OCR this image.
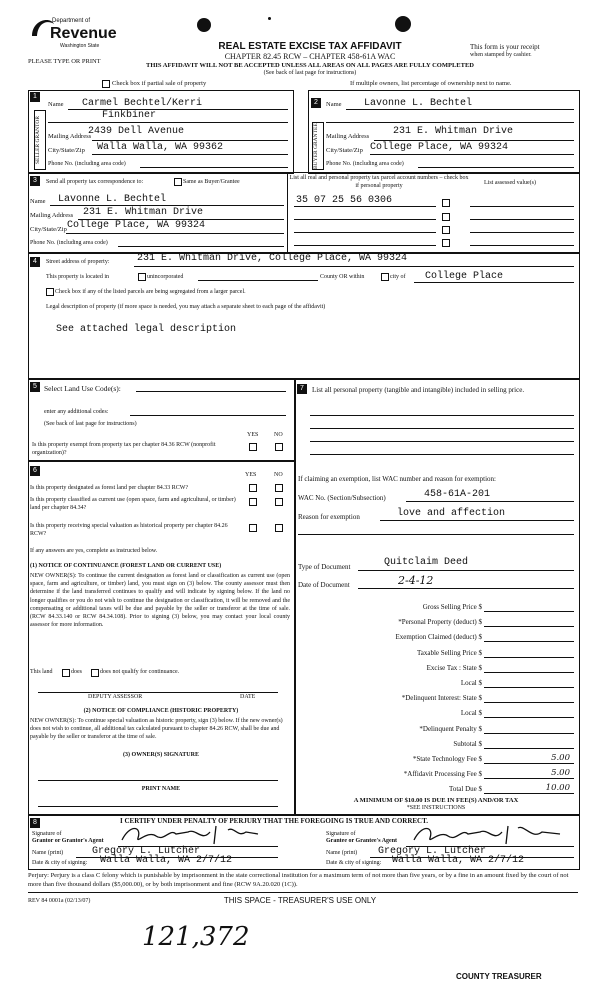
Department of
Revenue
Washington State
PLEASE TYPE OR PRINT
REAL ESTATE EXCISE TAX AFFIDAVIT
CHAPTER 82.45 RCW – CHAPTER 458-61A WAC
THIS AFFIDAVIT WILL NOT BE ACCEPTED UNLESS ALL AREAS ON ALL PAGES ARE FULLY COMPLETED
(See back of last page for instructions)
This form is your receipt
when stamped by cashier.
Check box if partial sale of property	If multiple owners, list percentage of ownership next to name.
1
SELLER GRANTOR
Name Carmel Bechtel/Kerri
Finkbiner
Mailing Address
2439 Dell Avenue
City/State/Zip Walla Walla, WA 99362
Phone No. (including area code)
2
BUYER GRANTEE
Name Lavonne L. Bechtel
Mailing Address 231 E. Whitman Drive
City/State/Zip College Place, WA 99324
Phone No. (including area code)
3	Send all property tax correspondence to:	Same as Buyer/Grantee
Name Lavonne L. Bechtel
Mailing Address 231 E. Whitman Drive
City/State/Zip College Place, WA 99324
Phone No. (including area code)
List all real and personal property tax parcel account numbers – check box if personal property	List assessed value(s)
35 07 25 56 0306
4	Street address of property:	231 E. Whitman Drive, College Place, WA 99324
This property is located in	unincorporated	County OR within	city of College Place
Check box if any of the listed parcels are being segregated from a larger parcel.
Legal description of property (if more space is needed, you may attach a separate sheet to each page of the affidavit)
See attached legal description
5 Select Land Use Code(s):
enter any additional codes:
(See back of last page for instructions)
YES	NO
Is this property exempt from property tax per chapter 84.36 RCW (nonprofit organization)?
6
YES	NO
Is this property designated as forest land per chapter 84.33 RCW?
Is this property classified as current use (open space, farm and agricultural, or timber) land per chapter 84.34?
Is this property receiving special valuation as historical property per chapter 84.26 RCW?
If any answers are yes, complete as instructed below.
(1) NOTICE OF CONTINUANCE (FOREST LAND OR CURRENT USE)
NEW OWNER(S): To continue the current designation as forest land or classification as current use (open space, farm and agriculture, or timber) land, you must sign on (3) below. The county assessor must then determine if the land transferred continues to qualify and will indicate by signing below. If the land no longer qualifies or you do not wish to continue the designation or classification, it will be removed and the compensating or additional taxes will be due and payable by the seller or transferor at the time of sale. (RCW 84.33.140 or RCW 84.34.108). Prior to signing (3) below, you may contact your local county assessor for more information.
This land	does	does not qualify for continuance.
DEPUTY ASSESSOR	DATE
(2) NOTICE OF COMPLIANCE (HISTORIC PROPERTY)
NEW OWNER(S): To continue special valuation as historic property, sign (3) below. If the new owner(s) does not wish to continue, all additional tax calculated pursuant to chapter 84.26 RCW, shall be due and payable by the seller or transferor at the time of sale.
(3) OWNER(S) SIGNATURE
PRINT NAME
7	List all personal property (tangible and intangible) included in selling price.
If claiming an exemption, list WAC number and reason for exemption:
WAC No. (Section/Subsection)	458-61A-201
Reason for exemption	love and affection
Type of Document	Quitclaim Deed
Date of Document	2-4-12
Gross Selling Price $
*Personal Property (deduct) $
Exemption Claimed (deduct) $
Taxable Selling Price $
Excise Tax : State $
Local $
*Delinquent Interest: State $
Local $
*Delinquent Penalty $
Subtotal $
*State Technology Fee $	5.00
*Affidavit Processing Fee $	5.00
Total Due $	10.00
A MINIMUM OF $10.00 IS DUE IN FEE(S) AND/OR TAX
*SEE INSTRUCTIONS
8	I CERTIFY UNDER PENALTY OF PERJURY THAT THE FOREGOING IS TRUE AND CORRECT.
Signature of
Grantor or Grantor's Agent
Name (print)	Gregory L. Lutcher
Date & city of signing: Walla Walla, WA 2/7/12
Signature of
Grantee or Grantee's Agent
Name (print) Gregory L. Lutcher
Date & city of signing: Walla Walla, WA 2/7/12
Perjury: Perjury is a class C felony which is punishable by imprisonment in the state correctional institution for a maximum term of not more than five years, or by a fine in an amount fixed by the court of not more than five thousand dollars ($5,000.00), or by both imprisonment and fine (RCW 9A.20.020 (1C)).
REV 84 0001a (02/13/07)	THIS SPACE - TREASURER'S USE ONLY
121,372
COUNTY TREASURER
